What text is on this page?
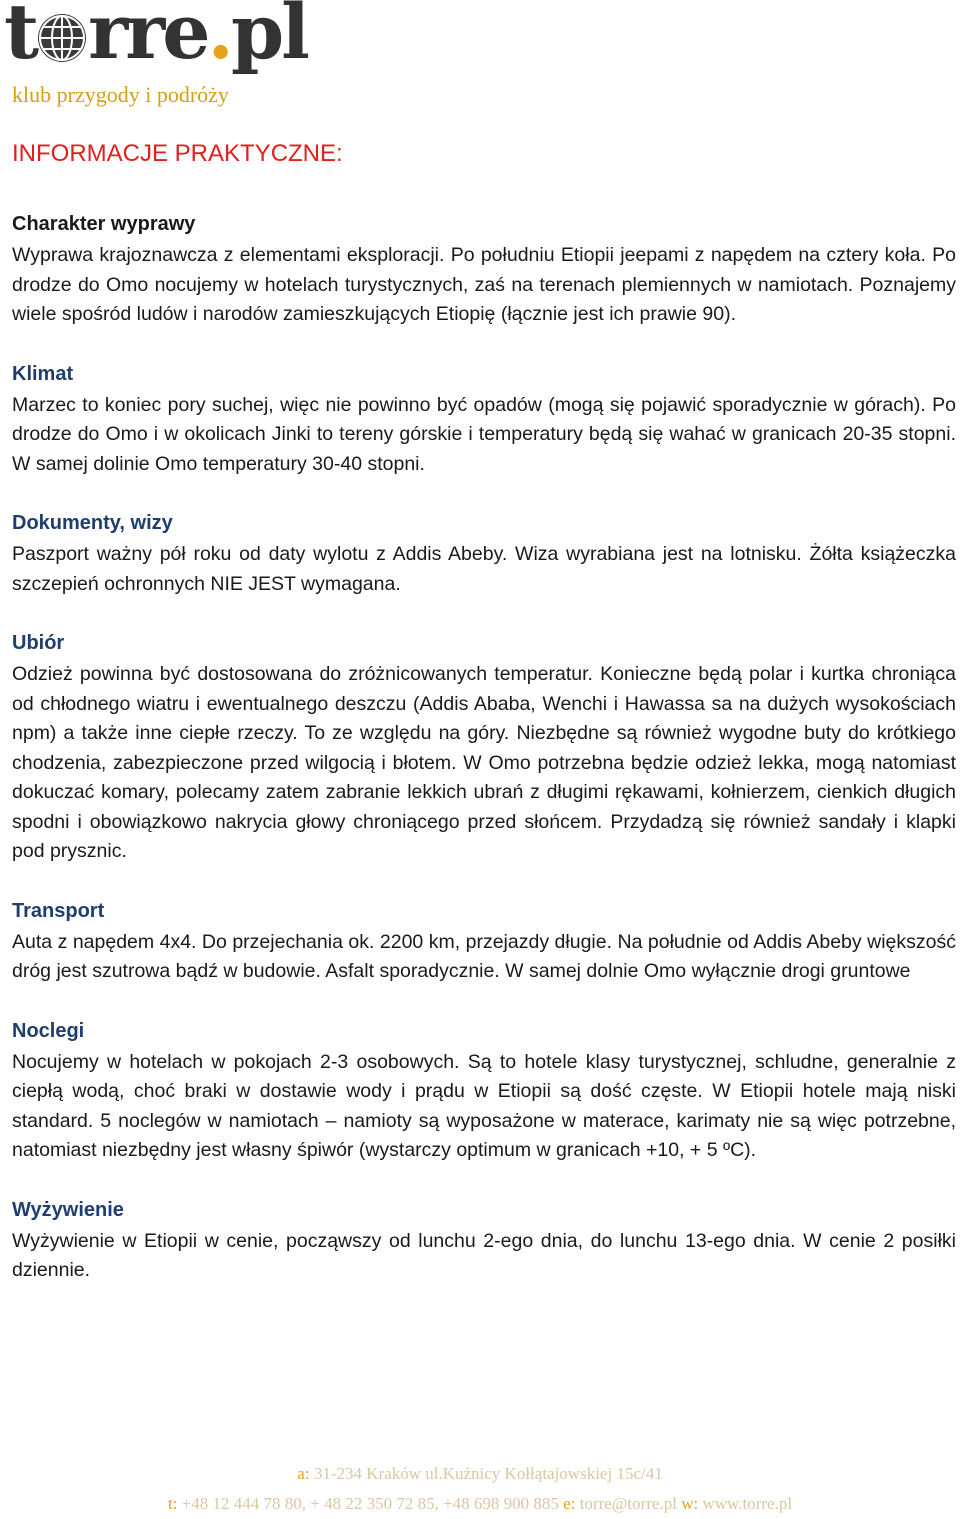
t rre.pl
klub przygody i podróży
INFORMACJE PRAKTYCZNE:
Charakter wyprawy

Wyprawa krajoznawcza z elementami eksploracji. Po południu Etiopii jeepami z napędem na cztery koła. Po drodze do Omo nocujemy w hotelach turystycznych, zaś na terenach plemiennych w namiotach. Poznajemy wiele spośród ludów i narodów zamieszkujących Etiopię (łącznie jest ich prawie 90).

Klimat

Marzec to koniec pory suchej, więc nie powinno być opadów (mogą się pojawić sporadycznie w górach). Po drodze do Omo i w okolicach Jinki to tereny górskie i temperatury będą się wahać w granicach 20-35 stopni. W samej dolinie Omo temperatury 30-40 stopni.

Dokumenty, wizy

Paszport ważny pół roku od daty wylotu z Addis Abeby. Wiza wyrabiana jest na lotnisku. Żółta książeczka szczepień ochronnych NIE JEST wymagana.

Ubiór

Odzież powinna być dostosowana do zróżnicowanych temperatur. Konieczne będą polar i kurtka chroniąca od chłodnego wiatru i ewentualnego deszczu (Addis Ababa, Wenchi i Hawassa sa na dużych wysokościach npm) a także inne ciepłe rzeczy. To ze względu na góry. Niezbędne są również wygodne buty do krótkiego chodzenia, zabezpieczone przed wilgocią i błotem. W Omo potrzebna będzie odzież lekka, mogą natomiast dokuczać komary, polecamy zatem zabranie lekkich ubrań z długimi rękawami, kołnierzem, cienkich długich spodni i obowiązkowo nakrycia głowy chroniącego przed słońcem. Przydadzą się również sandały i klapki pod prysznic.

Transport

Auta z napędem 4x4. Do przejechania ok. 2200 km, przejazdy długie. Na południe od Addis Abeby większość dróg jest szutrowa bądź w budowie. Asfalt sporadycznie. W samej dolnie Omo wyłącznie drogi gruntowe

Noclegi

Nocujemy w hotelach w pokojach 2-3 osobowych. Są to hotele klasy turystycznej, schludne, generalnie z ciepłą wodą, choć braki w dostawie wody i prądu w Etiopii są dość częste. W Etiopii hotele mają niski standard. 5 noclegów w namiotach – namioty są wyposażone w materace, karimaty nie są więc potrzebne, natomiast niezbędny jest własny śpiwór (wystarczy optimum w granicach +10, + 5 ºC).

Wyżywienie

Wyżywienie w Etiopii w cenie, począwszy od lunchu 2-ego dnia, do lunchu 13-ego dnia. W cenie 2 posiłki dziennie.

a: 31-234 Kraków ul.Kuźnicy Kołłątajowskiej 15c/41
t: +48 12 444 78 80, + 48 22 350 72 85, +48 698 900 885 e: torre@torre.pl w: www.torre.pl
